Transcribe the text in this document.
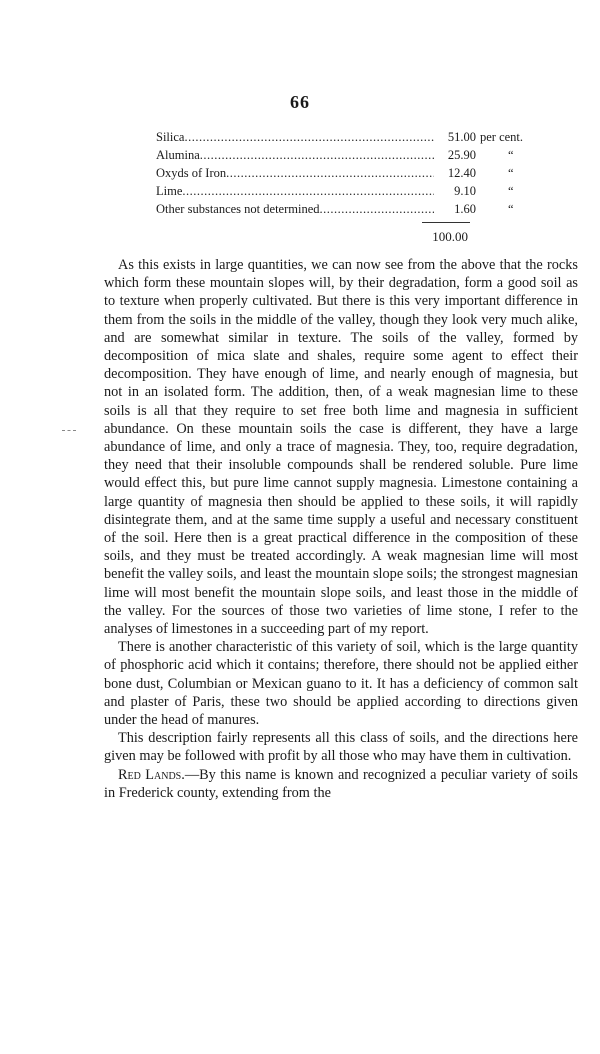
66
Silica .....	51.00 per cent.
Alumina .....	25.90	“
Oxyds of Iron .....	12.40	“
Lime .....	9.10	“
Other substances not determined .....	1.60	“
100.00

As this exists in large quantities, we can now see from the above that the rocks which form these mountain slopes will, by their degradation, form a good soil as to texture when properly cultivated. But there is this very important difference in them from the soils in the middle of the valley, though they look very much alike, and are somewhat similar in texture. The soils of the valley, formed by decomposition of mica slate and shales, require some agent to effect their decomposition. They have enough of lime, and nearly enough of magnesia, but not in an isolated form. The addition, then, of a weak magnesian lime to these soils is all that they require to set free both lime and magnesia in sufficient abundance. On these mountain soils the case is different, they have a large abundance of lime, and only a trace of magnesia. They, too, require degradation, they need that their insoluble compounds shall be rendered soluble. Pure lime would effect this, but pure lime cannot supply magnesia. Limestone containing a large quantity of magnesia then should be applied to these soils, it will rapidly disintegrate them, and at the same time supply a useful and necessary constituent of the soil. Here then is a great practical difference in the composition of these soils, and they must be treated accordingly. A weak magnesian lime will most benefit the valley soils, and least the mountain slope soils; the strongest magnesian lime will most benefit the mountain slope soils, and least those in the middle of the valley. For the sources of those two varieties of lime stone, I refer to the analyses of limestones in a succeeding part of my report.

There is another characteristic of this variety of soil, which is the large quantity of phosphoric acid which it contains; therefore, there should not be applied either bone dust, Columbian or Mexican guano to it. It has a deficiency of common salt and plaster of Paris, these two should be applied according to directions given under the head of manures.

This description fairly represents all this class of soils, and the directions here given may be followed with profit by all those who may have them in cultivation.

Red Lands.—By this name is known and recognized a peculiar variety of soils in Frederick county, extending from the
